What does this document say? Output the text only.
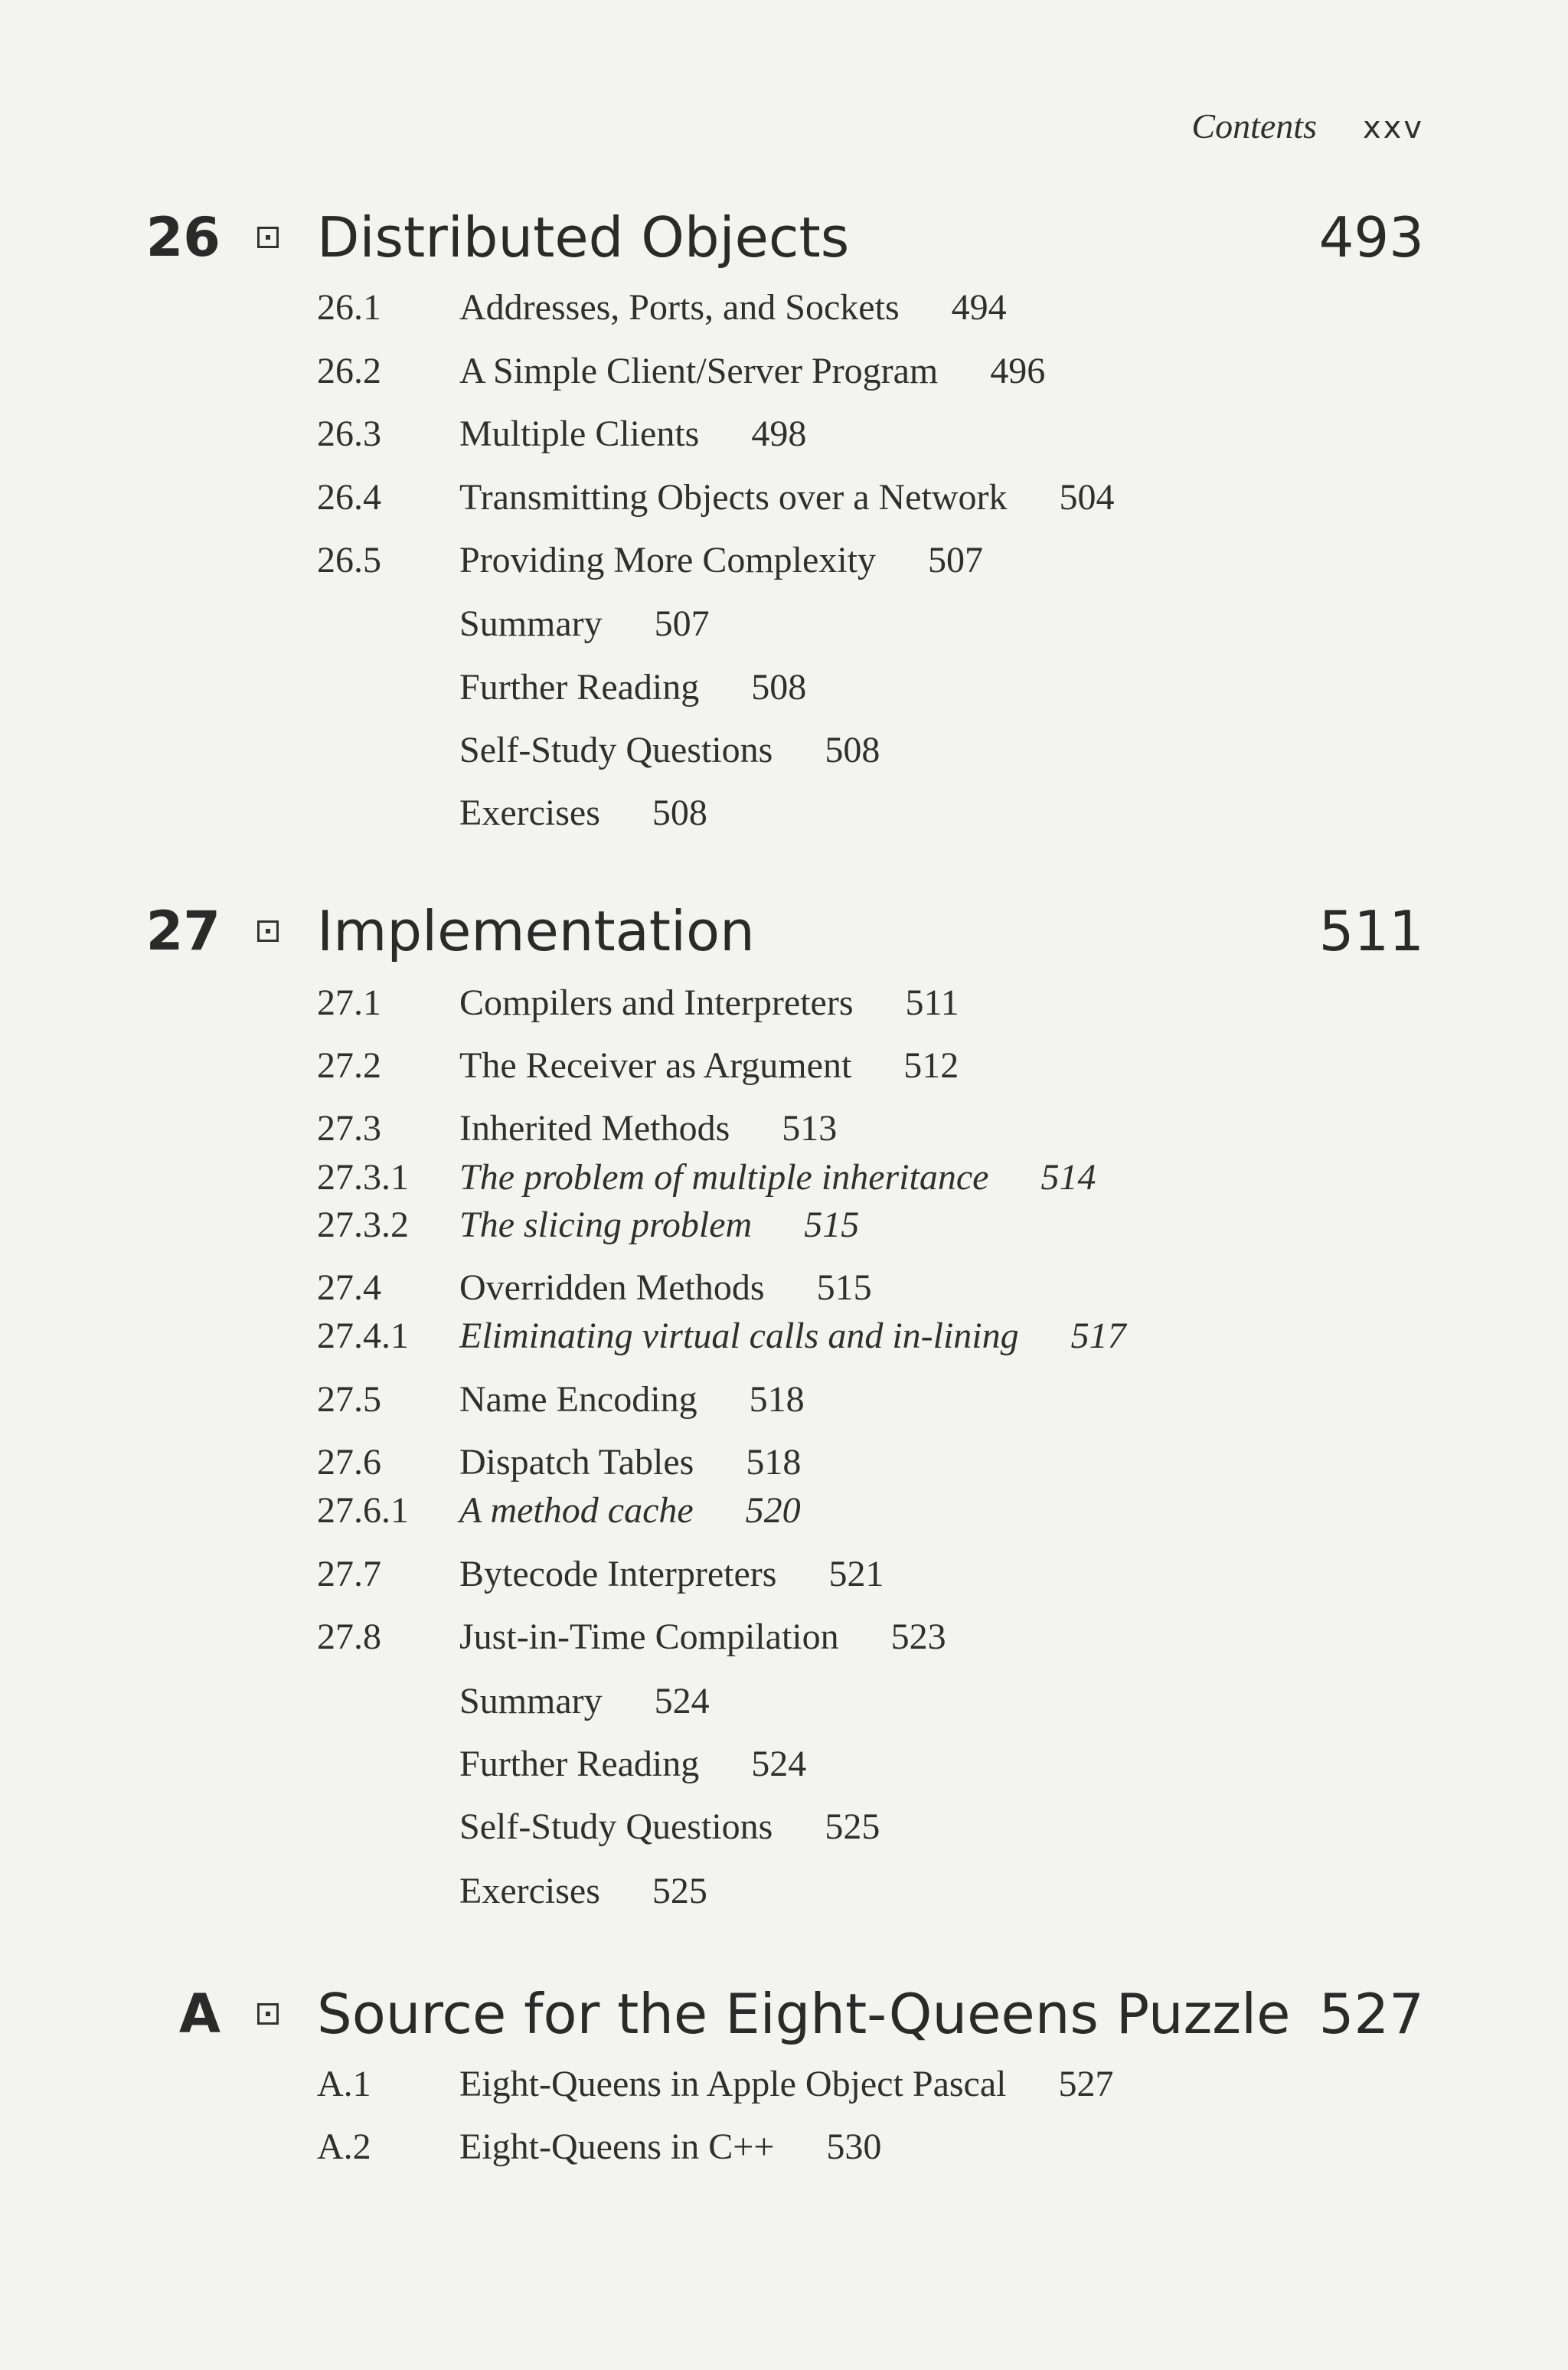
Contents xxv
26 Distributed Objects	493
26.1 Addresses, Ports, and Sockets 494
26.2 A Simple Client/Server Program 496
26.3 Multiple Clients 498
26.4 Transmitting Objects over a Network 504
26.5 Providing More Complexity 507
Summary 507
Further Reading 508
Self-Study Questions 508
Exercises 508
27 Implementation	511
27.1 Compilers and Interpreters 511
27.2 The Receiver as Argument 512
27.3 Inherited Methods 513
27.3.1 The problem of multiple inheritance 514
27.3.2 The slicing problem 515
27.4 Overridden Methods 515
27.4.1 Eliminating virtual calls and in-lining 517
27.5 Name Encoding 518
27.6 Dispatch Tables 518
27.6.1 A method cache 520
27.7 Bytecode Interpreters 521
27.8 Just-in-Time Compilation 523
Summary 524
Further Reading 524
Self-Study Questions 525
Exercises 525
A Source for the Eight-Queens Puzzle 527
A.1 Eight-Queens in Apple Object Pascal 527
A.2 Eight-Queens in C++ 530
